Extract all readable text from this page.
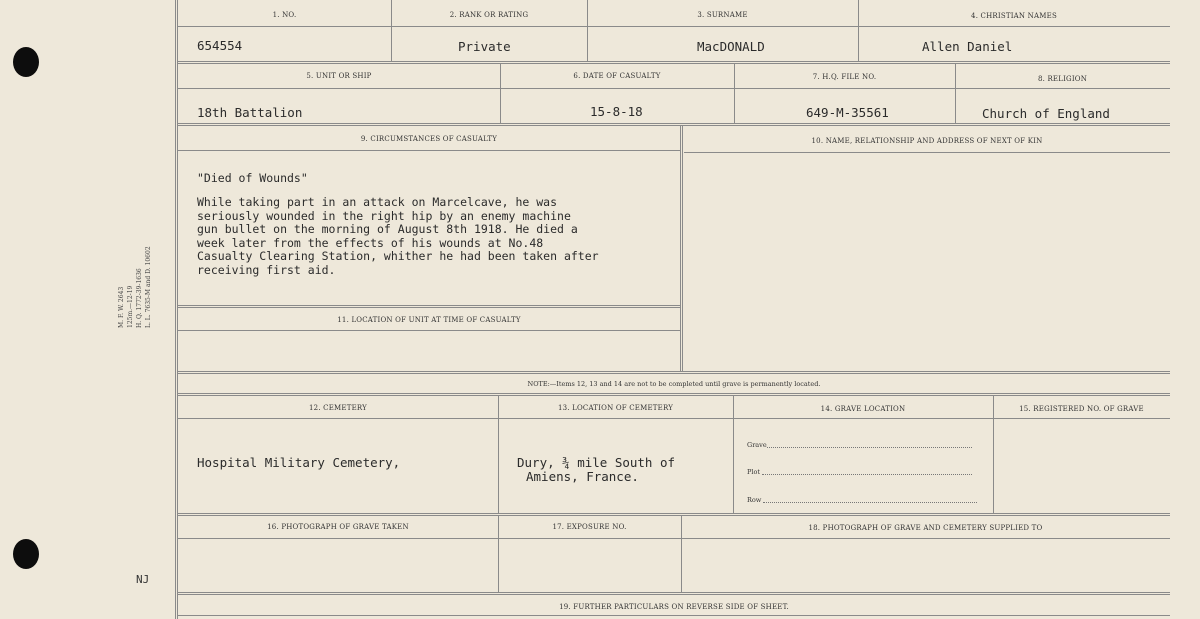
M. F. W. 2643
125m.—12-19
H. Q. 1772-39-1636
L. L. 7635-M and D. 10602
NJ
1. NO.	2. RANK OR RATING	3. SURNAME	4. CHRISTIAN NAMES
654554	Private	MacDONALD	Allen Daniel
5. UNIT OR SHIP	6. DATE OF CASUALTY	7. H.Q. FILE NO.	8. RELIGION
18th Battalion	15-8-18	649-M-35561	Church of England
9. CIRCUMSTANCES OF CASUALTY	10. NAME, RELATIONSHIP AND ADDRESS OF NEXT OF KIN
"Died of Wounds"
While taking part in an attack on Marcelcave, he was
seriously wounded in the right hip by an enemy machine
gun bullet on the morning of August 8th 1918. He died a
week later from the effects of his wounds at No.48
Casualty Clearing Station, whither he had been taken after
receiving first aid.
11. LOCATION OF UNIT AT TIME OF CASUALTY
NOTE:—Items 12, 13 and 14 are not to be completed until grave is permanently located.
12. CEMETERY	13. LOCATION OF CEMETERY	14. GRAVE LOCATION	15. REGISTERED NO. OF GRAVE
Hospital Military Cemetery,	Dury, ¾ mile South of
Amiens, France.
Grave
Plot
Row
16. PHOTOGRAPH OF GRAVE TAKEN	17. EXPOSURE NO.	18. PHOTOGRAPH OF GRAVE AND CEMETERY SUPPLIED TO
19. FURTHER PARTICULARS ON REVERSE SIDE OF SHEET.
